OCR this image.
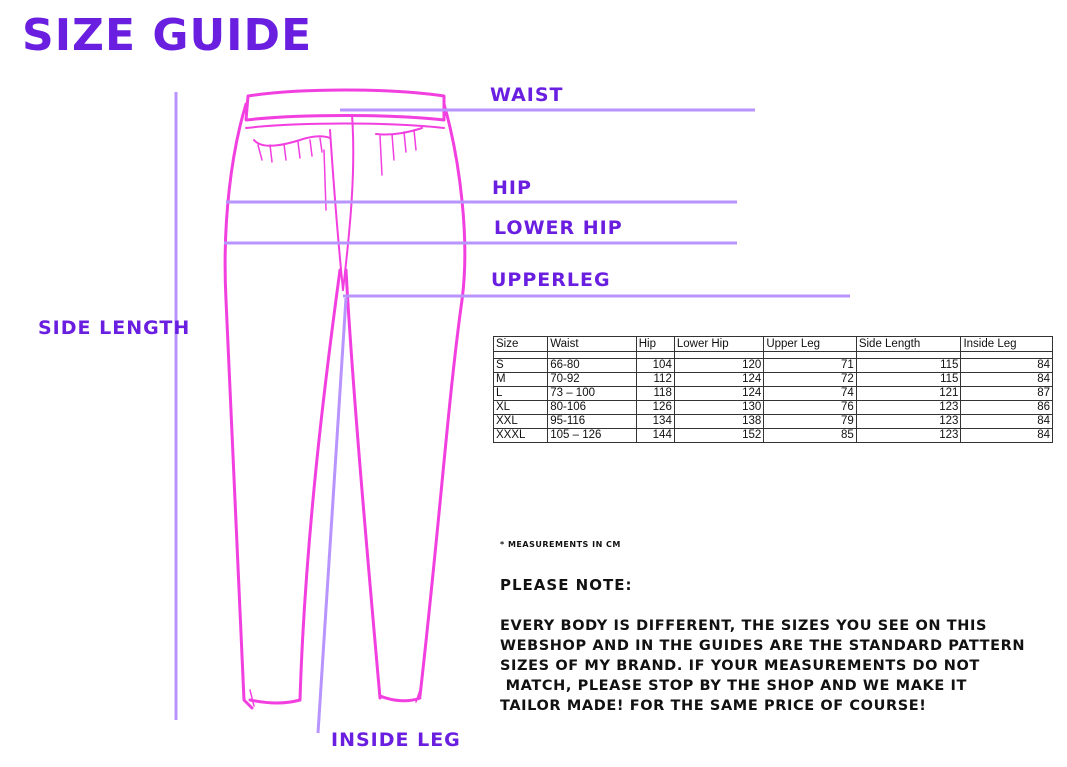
SIZE GUIDE
WAIST
HIP
LOWER HIP
UPPERLEG
SIDE LENGTH
INSIDE LEG
Size	Waist	Hip	Lower Hip	Upper Leg	Side Length	Inside Leg

S	66-80	104	120	71	115	84
M	70-92	112	124	72	115	84
L	73 – 100	118	124	74	121	87
XL	80-106	126	130	76	123	86
XXL	95-116	134	138	79	123	84
XXXL	105 – 126	144	152	85	123	84
* MEASUREMENTS IN CM
PLEASE NOTE:
EVERY BODY IS DIFFERENT, THE SIZES YOU SEE ON THIS
WEBSHOP AND IN THE GUIDES ARE THE STANDARD PATTERN
SIZES OF MY BRAND. IF YOUR MEASUREMENTS DO NOT
MATCH, PLEASE STOP BY THE SHOP AND WE MAKE IT
TAILOR MADE! FOR THE SAME PRICE OF COURSE!
